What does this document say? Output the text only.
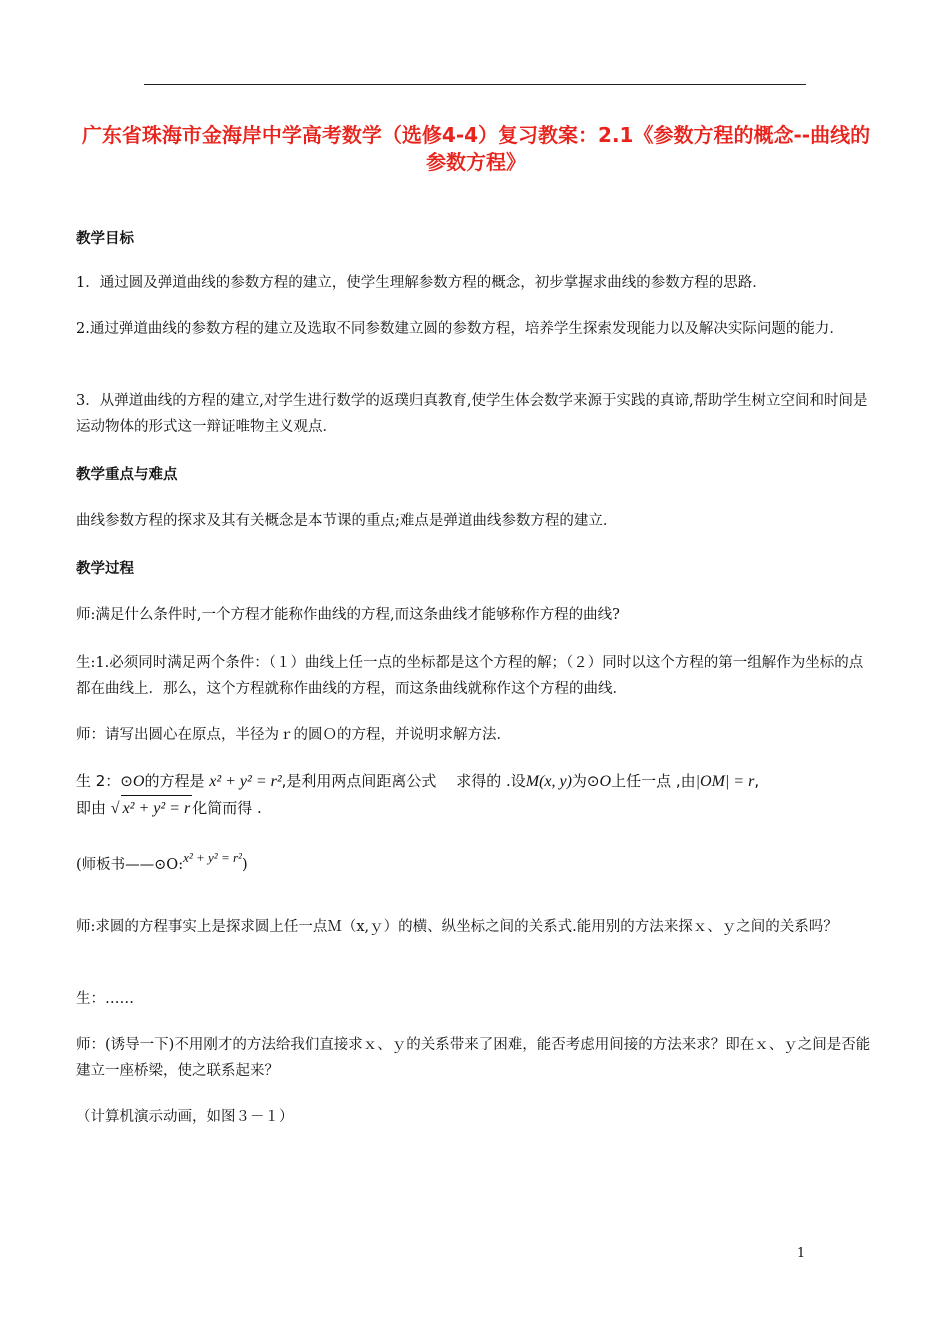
广东省珠海市金海岸中学高考数学（选修4-4）复习教案：2.1《参数方程的概念--曲线的参数方程》

教学目标

1．通过圆及弹道曲线的参数方程的建立，使学生理解参数方程的概念，初步掌握求曲线的参数方程的思路．

2.通过弹道曲线的参数方程的建立及选取不同参数建立圆的参数方程，培养学生探索发现能力以及解决实际问题的能力．

3．从弹道曲线的方程的建立,对学生进行数学的返璞归真教育,使学生体会数学来源于实践的真谛,帮助学生树立空间和时间是运动物体的形式这一辩证唯物主义观点．

教学重点与难点

曲线参数方程的探求及其有关概念是本节课的重点;难点是弹道曲线参数方程的建立．

教学过程

师:满足什么条件时,一个方程才能称作曲线的方程,而这条曲线才能够称作方程的曲线?

生:1.必须同时满足两个条件：（１）曲线上任一点的坐标都是这个方程的解；（２）同时以这个方程的第一组解作为坐标的点都在曲线上．那么，这个方程就称作曲线的方程，而这条曲线就称作这个方程的曲线．

师：请写出圆心在原点，半径为ｒ的圆Ｏ的方程，并说明求解方法．

生 2：⊙O的方程是 x² + y² = r²,是利用两点间距离公式　 求得的 .设M(x, y)为⊙O上任一点 ,由|OM| = r,
即由 √ x² + y² = r 化简而得 .

(师板书——⊙O:x² + y² = r²)

师:求圆的方程事实上是探求圆上任一点Ｍ（x,ｙ）的横、纵坐标之间的关系式.能用别的方法来探ｘ、ｙ之间的关系吗？

生：……

师：(诱导一下)不用刚才的方法给我们直接求ｘ、ｙ的关系带来了困难，能否考虑用间接的方法来求？即在ｘ、ｙ之间是否能建立一座桥梁，使之联系起来？

（计算机演示动画，如图３－１）

1
